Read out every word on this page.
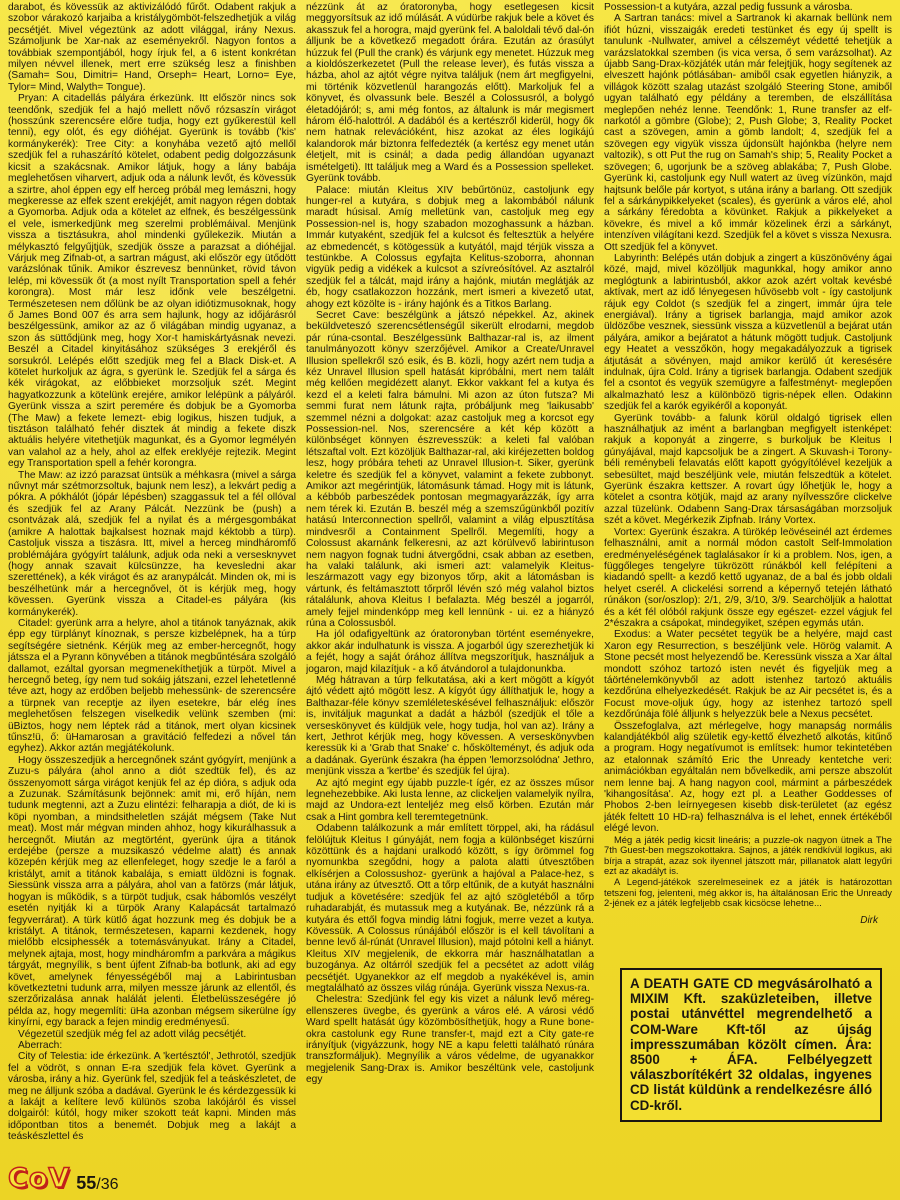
darabot, és kövessük az aktivizálódó fűrőt. Odabent rakjuk a szobor várakozó karjaiba a kristálygömböt-felszedhetjük a világ pecsétjét. Mivel végeztünk az adott világgal, irány Nexus. Számoljunk be Xar-nak az eseményekről. Nagyon fontos a továbbiak szempontjából, hogy írjuk fel, a 6 istent konkrétan milyen névvel illenek, mert erre szükség lesz a finishben (Samah= Sou, Dimitri= Hand, Orseph= Heart, Lorno= Eye, Tylor= Mind, Walyth= Tongue).

Pryan: A citadellás pályára érkezünk. Itt először nincs sok teendőnk, szedjük fel a hajó mellett nővő rózsaszín virágot (hosszúnk szerencsére előre tudja, hogy ezt gyűkerestül kell tenni), egy olót, és egy dióhéjat. Gyerünk is tovább ('kis' kormánykerék): Tree City: a konyhába vezető ajtó mellől szedjük fel a ruhaszárító kötelet, odabent pedig dolgozzásunk kicsit a szakácsnak. Amikor látjuk, hogy a lány babája meglehetősen viharvert, adjuk oda a nálunk levőt, és kövessük a szirtre, ahol éppen egy elf herceg próbál meg lemászni, hogy megkeresse az elfek szent erekjéjét, amit nagyon régen dobtak a Gyomorba. Adjuk oda a kötelet az elfnek, és beszélgessünk el vele, ismerkedjünk meg szerelmi problémáival. Menjünk vissza a tisztásukra, ahol mindenki gyűlekezik. Miután a mélykasztó felgyűjtjük, szedjük össze a parazsat a dióhéjjal. Várjuk meg Zifnab-ot, a sartran mágust, aki először egy ütődött varázslónak tűnik. Amikor észrevesz bennünket, rövid távon lelép, mi kövessük őt (a most nyílt Transportation spell a fehér korongra). Most már lesz időnk vele beszélgetni. Természetesen nem dőlünk be az olyan idiótizmusoknak, hogy ő James Bond 007 és arra sem hajlunk, hogy az időjárásról beszélgessünk, amikor az az ő világában mindig ugyanaz, a szon ás süttődjünk meg, hogy Xor-t hamiskártyásnak nevezi. Beszél a Citadel kinyitásához szükséges 3 erekjéről és sorsukról. Lelépés előtt szedjük meg fel a Black Disk-et. A kötelet hurkoljuk az ágra, s gyerünk le. Szedjük fel a sárga és kék virágokat, az előbbieket morzsoljuk szét. Megint hagyatkozzunk a kötelünk erejére, amikor lelépünk a pályáról. Gyerünk vissza a szirt peremére és dobjuk be a Gyomorba (The Maw) a fekete lemezt- ebig logikus, hiszen tudjuk, a tisztáson található fehér disztek át mindig a fekete diszk aktuális helyére vitethetjük magunkat, és a Gyomor legmélyén van valahol az a hely, ahol az elfek ereklyéje rejtezik. Megint egy Transportation spell a fehér korongra.

The Maw: az izzó parazsat üntsük a méhkasra (mivel a sárga nűvnyt már szétmorzsoltuk, bajunk nem lesz), a lekvárt pedig a pókra. A pókhálót (jópár lépésben) szaggassuk tel a fél ollóval és szedjük fel az Arany Pálcát. Nezzünk be (push) a csontvázak alá, szedjük fel a nyilat és a mérgesgombákat (amikre A halottak bajkalsest hoznak majd kéktobb a türp). Castoljuk vissza a tiszásra. Itt, mivel a herceg mindháromfő problémájára gyógyírt találunk, adjuk oda neki a versesknyvet (hogy annak szavait külcsünzze, ha kevesledni akar szerettének), a kék virágot és az aranypálcát. Minden ok, mi is beszélhetünk már a hercegnővel, öt is kérjük meg, hogy kövessen. Gyerünk vissza a Citadel-es pályára (kis kormánykerék).

Citadel: gyerünk arra a helyre, ahol a titánok tanyáznak, akik épp egy türplányt kínoznak, s persze kizbelépnek, ha a túrp segítségére sietnénk. Kérjük meg az ember-hercegnőt, hogy játssza el a Pyrann könyvében a titánok megbűntésára szolgáló dallamot, ezáltal gyorsan megmenekíthetjük a türpöt. Mivel a hercegnő beteg, így nem tud sokáig játszani, ezzel lehetetlenné téve azt, hogy az erdőben beljebb mehessünk- de szerencsére a türpnek van receptje az ilyen esetekre, bár elég ínes meglehetősen felszegen viselkedik velünk szemben (mi: üBiztos, hogy nem léptek rád a titánok, mert olyan kicsinek tűnsz!ü, ő: üHamarosan a gravitáció felfedezi a nővel tán egyhez). Akkor aztán megjátékolunk.

Hogy összeszedjük a hercegnőnek szánt gyógyírt, menjünk a Zuzu-s pályára (ahol anno a diót szedtük fel), és az összenyomott sárga virágot kenjük fel az ép dióra, s adjuk oda a Zuzunak. Számításunk bejönnek: amit mi, erő híján, nem tudunk megtenni, azt a Zuzu elintézi: felharapja a diót, de ki is köpi nyomban, a mindsitheletlen száját mégsem (Take Nut meat). Most már mégvan minden ahhoz, hogy kikurálhassuk a hercegnőt. Miután az megtörtént, gyerünk újra a titánok erdejébe (persze a muzsikaszó védelme alatt) és annak közepén kérjük meg az ellenfeleget, hogy szedje le a faról a kristályt, amit a titánok kabalája, s emiatt üldözni is fognak. Siessünk vissza arra a pályára, ahol van a fatörzs (már látjuk, hogyan is működik, s a türpöt tudjuk, csak hábomlós veszélyt esetén nyitják ki a türpök Arany Kalapácsát tartalmazó fegyverrárat). A türk kütlő ágat hozzunk meg és dobjuk be a kristályt. A titánok, természetesen, kaparni kezdenek, hogy mielőbb elcsiphessék a totemásványukat. Irány a Citadel, melynek ajtaja, most, hogy mindháromfm a parkvára a mágikus tárgyát, megnyílik, s bent újfent Zifnab-ba botlunk, aki ad egy követ, amelynek fényességéből maj a Labirintusban következtetni tudunk arra, milyen messze járunk az ellentől, és szerzőrizalása annak halálát jelenti. Életbelüsszeségére jó példa az, hogy megemlíti: üHa azonban mégsem sikerülne így kinyírni, egy barack a fejen mindig eredményesű.

Végezetül szedjük még fel az adott világ pecsétjét.

Aberrach:

City of Telestia: ide érkezünk. A 'kertésztól', Jethrotól, szedjük fel a vödröt, s onnan E-ra szedjük fela követ. Gyerünk a városba, irány a hiz. Gyerünk fel, szedjük fel a teáskészletet, de meg ne álljunk szóba a dadával. Gyerünk le és kérdezgessük ki a lakájt a kelítere levő külünös szoba lakójáról és vissel dolgairól: kútól, hogy miker szokott teát kapni. Minden más időpontban titos a benemét. Dobjuk meg a lakájt a teáskészlettel és

nézzünk át az óratoronyba, hogy esetlegesen kicsit meggyorsítsuk az idő múlását. A vúdürbe rakjuk bele a követ és akasszuk fel a horogra, majd gyerünk fel. A baloldali tévő dal-ón álljunk be a következő megadott órára. Ezután az órasúlyt húzzuk fel (Pull the crank) és várjunk egy menetet. Húzzuk meg a kioldószerkezetet (Pull the release lever), és futás vissza a házba, ahol az ajtót végre nyitva találjuk (nem árt megfigyelni, mi történik közvetlenül harangozás előtt). Markoljuk fel a könyvet, és olvassunk bele. Beszél a Colossusról, a bolygó életadójáról; s, ami még fontos, az általunk is már megismert három élő-halottról. A dadából és a kertészről kiderül, hogy ők nem hatnak relevációként, hisz azokat az éles logikájú kalandorok már biztonra felfedezték (a kertész egy menet után életjelt, mit is csinál; a dada pedig állandóan ugyanazt ismételgeti). Itt találjuk meg a Ward és a Possession spelleket. Gyerünk tovább.

Palace: miután Kleitus XIV bebűrtönüz, castoljunk egy hunger-rel a kutyára, s dobjuk meg a lakombából nálunk maradt húsisal. Amíg melletünk van, castoljuk meg egy Possession-nel is, hogy szabadon mozoghassunk a házban. Immár kutyaként, szedjük fel a kulcsot és feltesztük a helyére az ebmedencét, s kötögessük a kutyától, majd térjük vissza a testünkbe. A Colossus egyfajta Kelitus-szoborra, ahonnan vigyük pedig a vidékek a kulcsot a szívreósítóvel. Az asztalról szedjük fel a tálcát, majd irány a hajónk, miután meglátják az éb, hogy csatlakozzon hozzánk, mert ismeri a kivezető utat, ahogy ezt közölte is - irány hajónk és a Titkos Barlang.

Secret Cave: beszélgünk a játszó népekkel. Az, akinek beküldveteszó szerencsétlenségűl sikerült elrodarni, megdob pár rúna-csontal. Beszélgessünk Balthazar-ral is, az ilment tanulmányozott könyv szerzőjével. Amikor a Create/Unravel Illusion spellekről szó esik, és B. közli, hogy azért nem tudja a kéz Unravel Illusion spell hatását kipróbálni, mert nem talált még kellően megidézett alanyt. Ekkor vakkant fel a kutya és kezd el a keleti falra bámulni. Mi azon az úton futsza? Mi semmi furat nem látunk rajta, próbáljunk meg 'laikusabb' szemmel nézni a dolgokat: azaz castoljuk meg a korcsot egy Possession-nel. Nos, szerencsére a két kép között a különbséget könnyen észrevesszük: a keleti fal valóban létszaftal volt. Ezt közöljük Balthazar-ral, aki kiréjezetten boldog lesz, hogy próbára teheti az Unravel Illusion-t. Siker, gyerünk keletre és szedjük fel a könyvet, valamint a fekete zubbonyt. Amikor azt megérintjük, látomásunk támad. Hogy mit is látunk, a kébbób parbeszédek pontosan megmagyarázzák, így arra nem térek ki. Ezután B. beszél még a szemszűgünkből pozitív hatású Interconnection spellről, valamint a világ elpusztítása mindvesről a Containment Spellről. Megemlíti, hogy a Colossust akarnánk felkeresni, az azt körülvevő labirintuson nem nagyon fognak tudni átvergődni, csak abban az esetben, ha valaki találunk, aki ismeri azt: valamelyik Kleitus-leszármazott vagy egy bizonyos tőrp, akit a látomásban is vártunk, és feltámasztott tőrpről lévén szó még valahol biztos rátalálunk, ahova Kleitus I befalazta. Még beszél a jogarról, amely fejjel mindenkópp meg kell lennünk - ui. ez a hiányzó rúna a Colossusból.

Ha jól odafigyeltünk az óratoronyban történt eseményekre, akkor akár indulhatunk is vissza. A jogarból úgy szerezhetjük ki a fejét, hogy a saját órához állítva megszorítjuk, használjuk a jogaron, majd kilazítjuk - a kő átvándorol a tulajdonunkba.

Még hátravan a túrp felkutatása, aki a kert mögött a kígyót ájtó védett ajtó mögött lesz. A kígyót úgy állíthatjuk le, hogy a Balthazar-féle könyv szemléleteskésével felhasználjuk: először is, invitáljuk magunkat a dadát a házból (szedjük el tőle a verseskönyvet és küldjük vele, hogy tudja, hol van az). Irány a kert, Jethrot kérjük meg, hogy kövessen. A verseskönyvben keressük ki a 'Grab that Snake' c. hőskölteményt, és adjuk oda a dadának. Gyerünk északra (ha éppen 'lemorzsolódna' Jethro, menjünk vissza a 'kertbe' és szedjük fel újra).

Az ajtó megint egy újabb puzzle-t ígér, ez az összes műsor legnehezebbike. Aki lusta lenne, az clickeljen valamelyik nyílra, majd az Undora-ezt lenteljéz meg első körben. Ezután már csak a Hint gombra kell teremtegetnünk.

Odabenn találkozunk a már említett törppel, aki, ha rádásul felölújtuk Kleitus I gúnyáját, nem fogja a különbséget kiszúrni közöttünk és a hajdani uralkodó között, s így örömmel fog nyomunkba szegődni, hogy a palota alatti útvesztőben elkísérjen a Colossushoz- gyerünk a hajóval a Palace-hez, s utána irány az útvesztő. Ott a tőrp eltűnik, de a kutyát használni tudjuk a követésére: szedjük fel az ajtó szögletéből a tőrp ruhadarabját, és mutassuk meg a kutyának. Be, nézzünk rá a kutyára és ettől fogva mindig látni fogjuk, merre vezet a kutya. Kövessük. A Colossus rúnájából először is el kell távolítani a benne levő ál-rúnát (Unravel Illusion), majd pótolni kell a hiányt. Kleitus XIV megjelenik, de ekkorra már használhatatlan a buzogánya. Az oltárról szedjük fel a pecsétet az adott világ pecsétjét. Ugyanekkor az elf megdob a nyakékével is, amin megtalálható az összes világ rúnája. Gyerünk vissza Nexus-ra.

Chelestra: Szedjünk fel egy kis vizet a nálunk levő méreg-ellenszeres üvegbe, és gyerünk a város elé. A városi védő Ward spellt hatását úgy közömbösíthetjük, hogy a Rune bone-okra castolunk egy Rune transfer-t, majd ezt a City gate-re irányítjuk (vigyázzunk, hogy NE a kapu feletti található rúnára transzformáljuk). Megnyílik a város védelme, de ugyanakkor megjelenik Sang-Drax is. Amikor beszéltünk vele, castoljunk egy

Possession-t a kutyára, azzal pedig fussunk a városba.

A Sartran tanács: mivel a Sartranok ki akarnak bellünk nem ifiót húzni, visszaigák eredeti testünket és egy új spellt is tanulunk -Nullwater, amivel a célszeméyt védetté tehetjük a varázslatokkal szemben (is vica versa, ő sem varázsolhat). Az újabb Sang-Drax-közjáték után már felejtjük, hogy segítenek az elveszett hajónk pótlásában- amiből csak egyetlen hiányzik, a villágok között szalag utazást szolgáló Steering Stone, amiből ugyan található egy példány a teremben, de elszállítása meglepően nehéz lenne. Teendőnk: 1, Rune transfer az elf-narkotól a gömbre (Globe); 2, Push Globe; 3, Reality Pocket cast a szövegen, amin a gömb landolt; 4, szedjük fel a szövegen egy vigyük vissza újdonsült hajónkba (helyre nem valtozik), s ott Put the rug on Samah's ship; 5, Reality Pocket a szövegen; 6, ugorjunk be a szöveg ablakába; 7, Push Globe. Gyerünk ki, castoljunk egy Null watert az üveg vízünkön, majd hajtsunk belőle pár kortyot, s utána irány a barlang. Ott szedjük fel a sárkánypikkelyeket (scales), és gyerünk a város elé, ahol a sárkány féredobta a kövünket. Rakjuk a pikkelyeket a kövekre, és mivel a kő immár közelinek érzi a sárkányt, intenzíven világítani kezd. Szedjük fel a követ s vissza Nexusra. Ott szedjük fel a könyvet.

Labyrinth: Belépés után dobjuk a zingert a küszönövény ágai közé, majd, mivel közölljük magunkkal, hogy amikor anno meglógtunk a labirintusból, akkor azok azért voltak kevésbé aktívak, mert az idő lényegesen hűvösebb volt - így castoljunk rájuk egy Coldot (s szedjük fel a zingert, immár újra tele energiával). Irány a tigrisek barlangja, majd amikor azok üldözőbe vesznek, siessünk vissza a küzvetlenül a bejárat után pályára, amikor a bejáratot a hátunk mögött tudjuk. Castoljunk egy Heatet a vesszőkön, hogy megakadályozzuk a tigrisek átjutását a sövényen, majd amikor kerülő út keresésére indulnak, újra Cold. Irány a tigrisek barlangja. Odabent szedjük fel a csontot és vegyük szemügyre a falfestményt- meglepően alkalmazható lesz a különbözö tigris-népek ellen. Odakinn szedjük fel a karók egyikéről a koponyát.

Gyerünk tovább- a falunk körül oldalgó tigrisek ellen használhatjuk az imént a barlangban megfigyelt istenképet: rakjuk a koponyát a zingerre, s burkoljuk be Kleitus I gúnyájával, majd kapcsoljuk be a zingert. A Skuvash-i Torony-béli reménybeli felavatás előtt kapott gyógyítólével kezeljük a sebesültet, majd beszéljünk vele, miután felszedtük a kötelet. Gyerünk északra kettszer. A rovart úgy lőhetjük le, hogy a kötelet a csontra kötjük, majd az arany nyílvesszőre clickelve azzal tüzelünk. Odabenn Sang-Drax társaságában morzsoljuk szét a követ. Megérkezik Zipfnab. Irány Vortex.

Vortex: Gyerünk északra. A türökép leövéseinél azt érdemes felhasználni, amit a normál módon castolt Self-Immolation eredményeléségének taglalásakor ír ki a problem. Nos, igen, a függőleges tengelyre tükrözött rúnákból kell felépíteni a kiadandó spellt- a kezdő kettő ugyanaz, de a bal és jobb oldali helyet cserél. A clickelési sorrend a képernyő tetején látható rúnákon (sor/oszlop): 2/1, 2/9, 3/10, 3/9. Searchöljük a halottat és a két fél olóból rakjunk össze egy egészet- ezzel vágjuk fel 2*északra a csápokat, mindegyiket, szépen egymás után.

Exodus: a Water pecsétet tegyük be a helyére, majd cast Xaron egy Resurrection, s beszéljünk vele. Hörög valamit. A Stone pecsét most helyezendő be. Keressünk vissza a Xar által mondott szóhoz tartozó isten nevét és figyeljük meg a táörténelemkönyvből az adott istenhez tartozó aktuális kezdőrúna elhelyezkedését. Rakjuk be az Air pecsétet is, és a Focust move-oljuk úgy, hogy az istenhez tartozó spell kezdőrúnája fölé álljunk s helyezzük bele a Nexus pecsétet.

Összefoglalva, azt mérlegelve, hogy manapság normális kalandjátékból alig születik egy-kettő élvezhető alkotás, kitűnő a program. Hogy negatívumot is említsek: humor tekintetében az etalonnak számító Eric the Unready kentetche veri: animációkban egyáltalán nem bővelkedik, ami persze abszolút nem lenne baj. A hang nagyon cool, mármint a párbeszédek 'kihangosítása'. Az, hogy ezt pl. a Leather Goddesses of Phobos 2-ben leírnyegesen kisebb disk-területet (az egész játék feltett 10 HD-ra) felhasználva is el lehet, ennek értékéből elégé levon.

Még a játék pedig kicsit lineáris; a puzzle-ok nagyon ütnek a The 7th Guest-ben megszokottakra. Sajnos, a játék rendkívül logikus, aki bírja a strapát, azaz sok ilyennel játszott már, pillanatok alatt legyűri ezt az akadályt is.

A Legend-játékok szerelmeseinek ez a játék is határozottan tetszeni fog, jelenteni, még akkor is, ha általánosan Eric the Unready 2-jének ez a játék legfeljebb csak kicsöcse lehetne...

Dirk
A DEATH GATE CD megvásárolható a MIXIM Kft. szaküzleteiben, illetve postai utánvéttel megrendelhető a COM-Ware Kft-től az újság impresszumában közölt címen. Ára: 8500 + ÁFA. Felbélyegzett válaszborítékért 32 oldalas, ingyenes CD listát küldünk a rendelkezésre álló CD-kről.
CoV 55/36
